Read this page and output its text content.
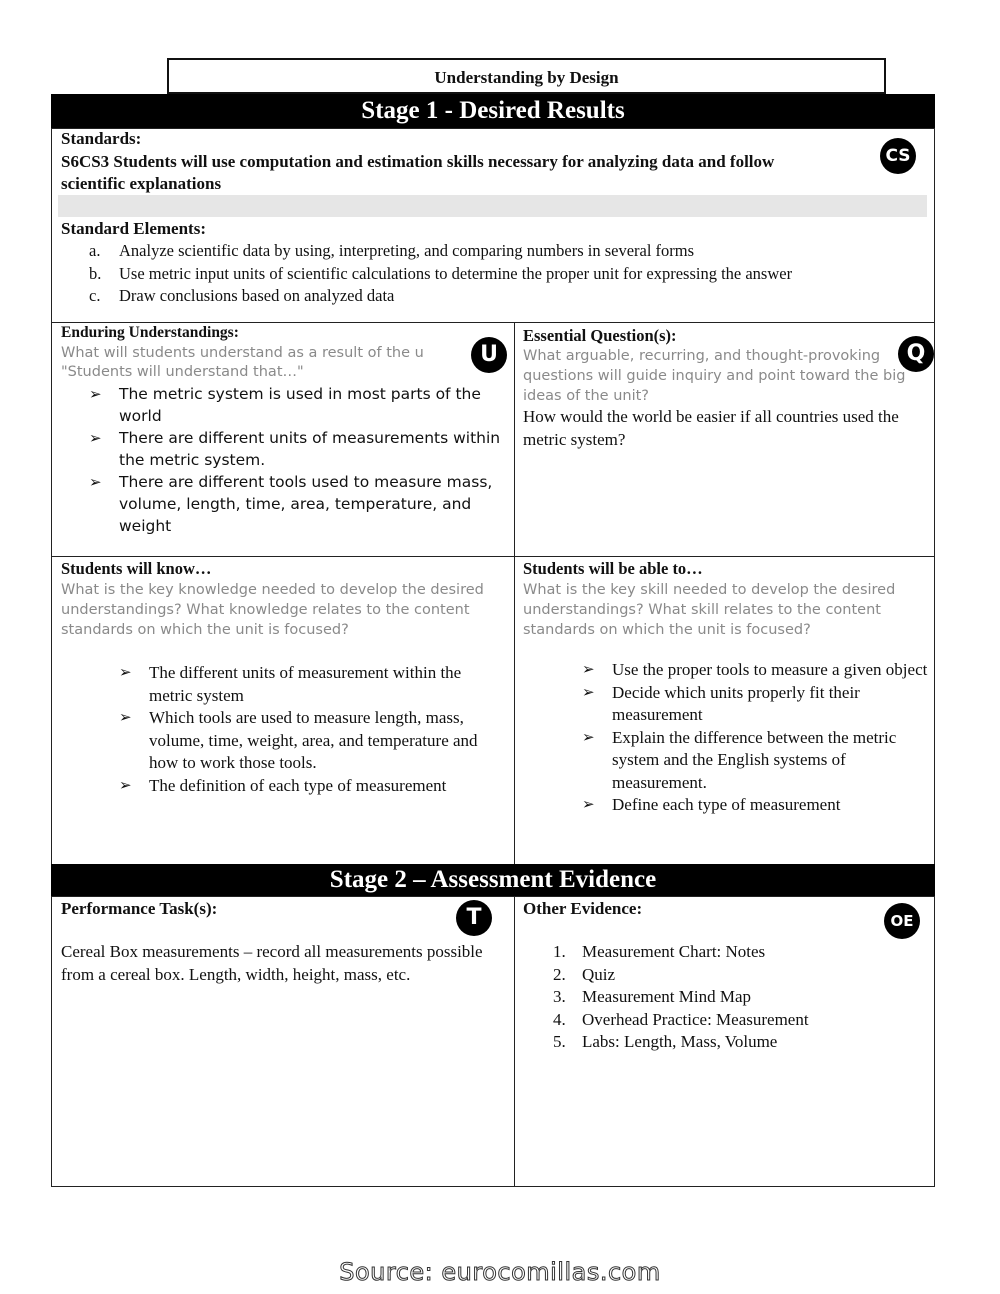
Understanding by Design
Stage 1 - Desired Results
Standards:
S6CS3 Students will use computation and estimation skills necessary for analyzing data and follow
scientific explanations
CS
Standard Elements:
a. Analyze scientific data by using, interpreting, and comparing numbers in several forms
b. Use metric input units of scientific calculations to determine the proper unit for expressing the answer
c. Draw conclusions based on analyzed data
Enduring Understandings:
What will students understand as a result of the u
"Students will understand that…"
U
➢ The metric system is used in most parts of the world
➢ There are different units of measurements within the metric system.
➢ There are different tools used to measure mass, volume, length, time, area, temperature, and weight
Essential Question(s):
What arguable, recurring, and thought-provoking questions will guide inquiry and point toward the big ideas of the unit?
Q
How would the world be easier if all countries used the metric system?
Students will know…
What is the key knowledge needed to develop the desired understandings? What knowledge relates to the content standards on which the unit is focused?
➢ The different units of measurement within the metric system
➢ Which tools are used to measure length, mass, volume, time, weight, area, and temperature and how to work those tools.
➢ The definition of each type of measurement
Students will be able to…
What is the key skill needed to develop the desired understandings? What skill relates to the content standards on which the unit is focused?
➢ Use the proper tools to measure a given object
➢ Decide which units properly fit their measurement
➢ Explain the difference between the metric system and the English systems of measurement.
➢ Define each type of measurement
Stage 2 – Assessment Evidence
Performance Task(s):	T
Cereal Box measurements – record all measurements possible from a cereal box. Length, width, height, mass, etc.
Other Evidence:
OE
1. Measurement Chart: Notes
2. Quiz
3. Measurement Mind Map
4. Overhead Practice: Measurement
5. Labs: Length, Mass, Volume
Source: eurocomillas.com
